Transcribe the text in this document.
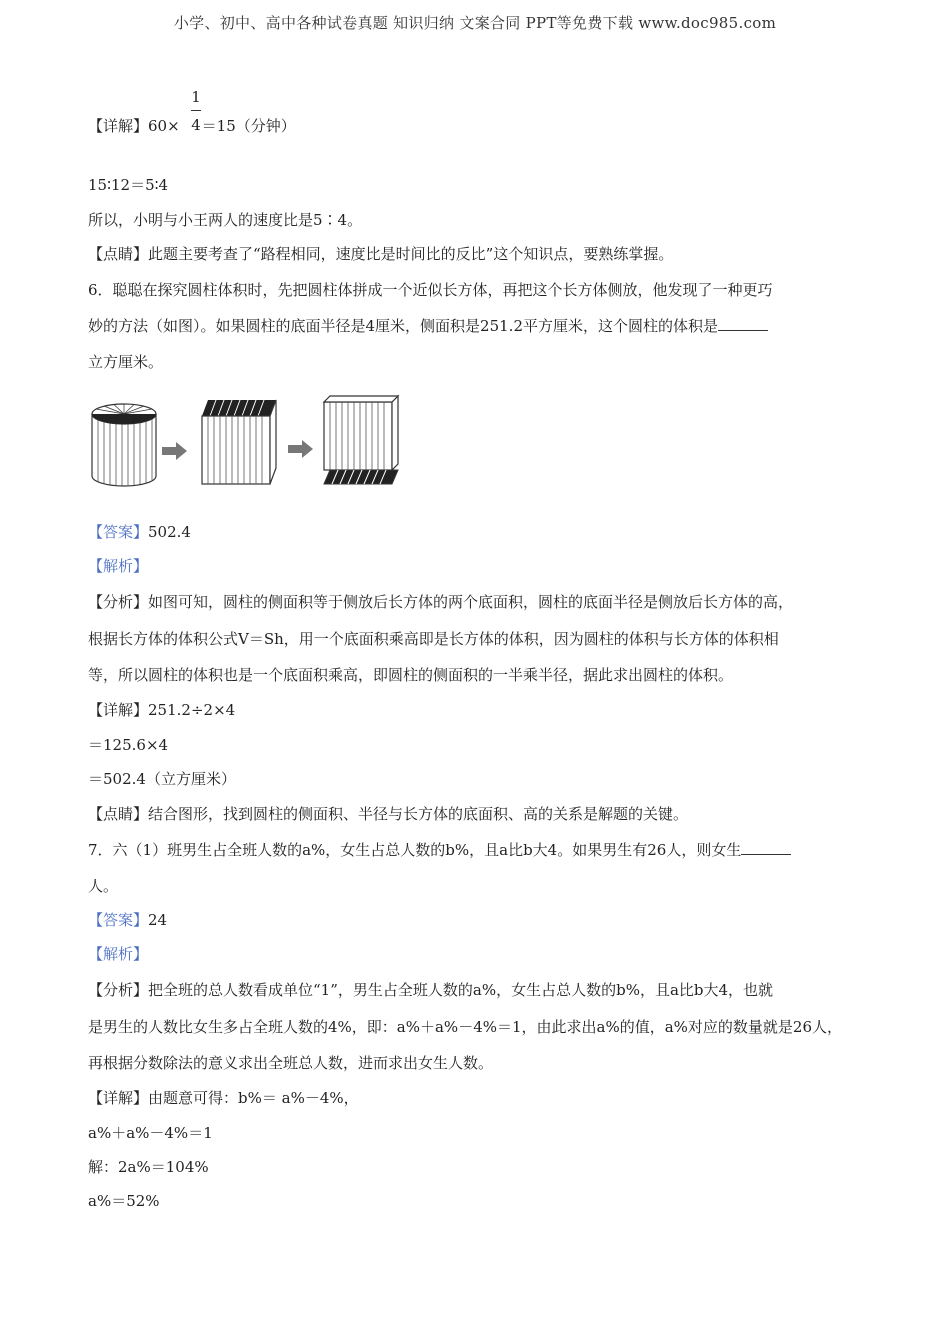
小学、初中、高中各种试卷真题 知识归纳 文案合同 PPT等免费下载 www.doc985.com
【详解】60× ＝15（分钟）
1
4
15∶12＝5∶4
所以，小明与小王两人的速度比是5∶4。
【点睛】此题主要考查了“路程相同，速度比是时间比的反比”这个知识点，要熟练掌握。
6．聪聪在探究圆柱体积时，先把圆柱体拼成一个近似长方体，再把这个长方体侧放，他发现了一种更巧
妙的方法（如图）。如果圆柱的底面半径是4厘米，侧面积是251.2平方厘米，这个圆柱的体积是
立方厘米。
【答案】502.4
【解析】
【分析】如图可知，圆柱的侧面积等于侧放后长方体的两个底面积，圆柱的底面半径是侧放后长方体的高，
根据长方体的体积公式V＝Sh，用一个底面积乘高即是长方体的体积，因为圆柱的体积与长方体的体积相
等，所以圆柱的体积也是一个底面积乘高，即圆柱的侧面积的一半乘半径，据此求出圆柱的体积。
【详解】251.2÷2×4
＝125.6×4
＝502.4（立方厘米）
【点睛】结合图形，找到圆柱的侧面积、半径与长方体的底面积、高的关系是解题的关键。
7．六（1）班男生占全班人数的a%，女生占总人数的b%，且a比b大4。如果男生有26人，则女生
人。
【答案】24
【解析】
【分析】把全班的总人数看成单位“1”，男生占全班人数的a%，女生占总人数的b%，且a比b大4，也就
是男生的人数比女生多占全班人数的4%，即：a%＋a%－4%＝1，由此求出a%的值，a%对应的数量就是26人，
再根据分数除法的意义求出全班总人数，进而求出女生人数。
【详解】由题意可得：b%＝ a%－4%，
a%＋a%－4%＝1
解：2a%＝104%
a%＝52%
